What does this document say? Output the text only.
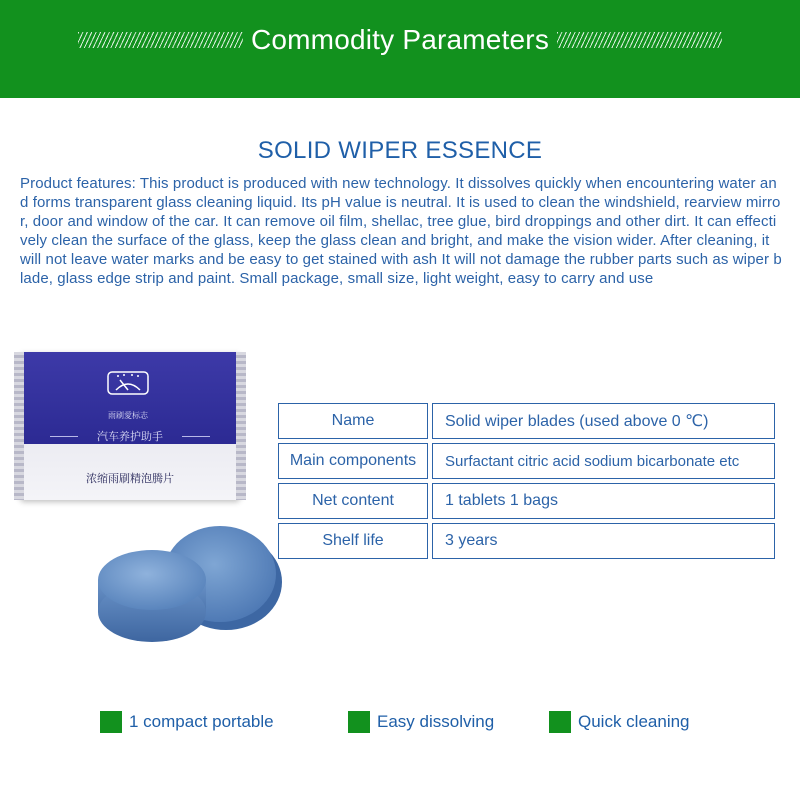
Commodity Parameters
SOLID WIPER ESSENCE
Product features: This product is produced with new technology. It dissolves quickly when encountering water and forms transparent glass cleaning liquid. Its pH value is neutral. It is used to clean the windshield, rearview mirror, door and window of the car. It can remove oil film, shellac, tree glue, bird droppings and other dirt. It can effectively clean the surface of the glass, keep the glass clean and bright, and make the vision wider. After cleaning, it will not leave water marks and be easy to get stained with ash It will not damage the rubber parts such as wiper blade, glass edge strip and paint. Small package, small size, light weight, easy to carry and use
雨刷愛标志
汽车养护助手
浓缩雨刷精泡腾片
Name	Solid wiper blades (used above 0 ℃)
Main components	Surfactant citric acid sodium bicarbonate etc
Net content	1 tablets 1 bags
Shelf life	3 years
1 compact portable	Easy dissolving	Quick cleaning
